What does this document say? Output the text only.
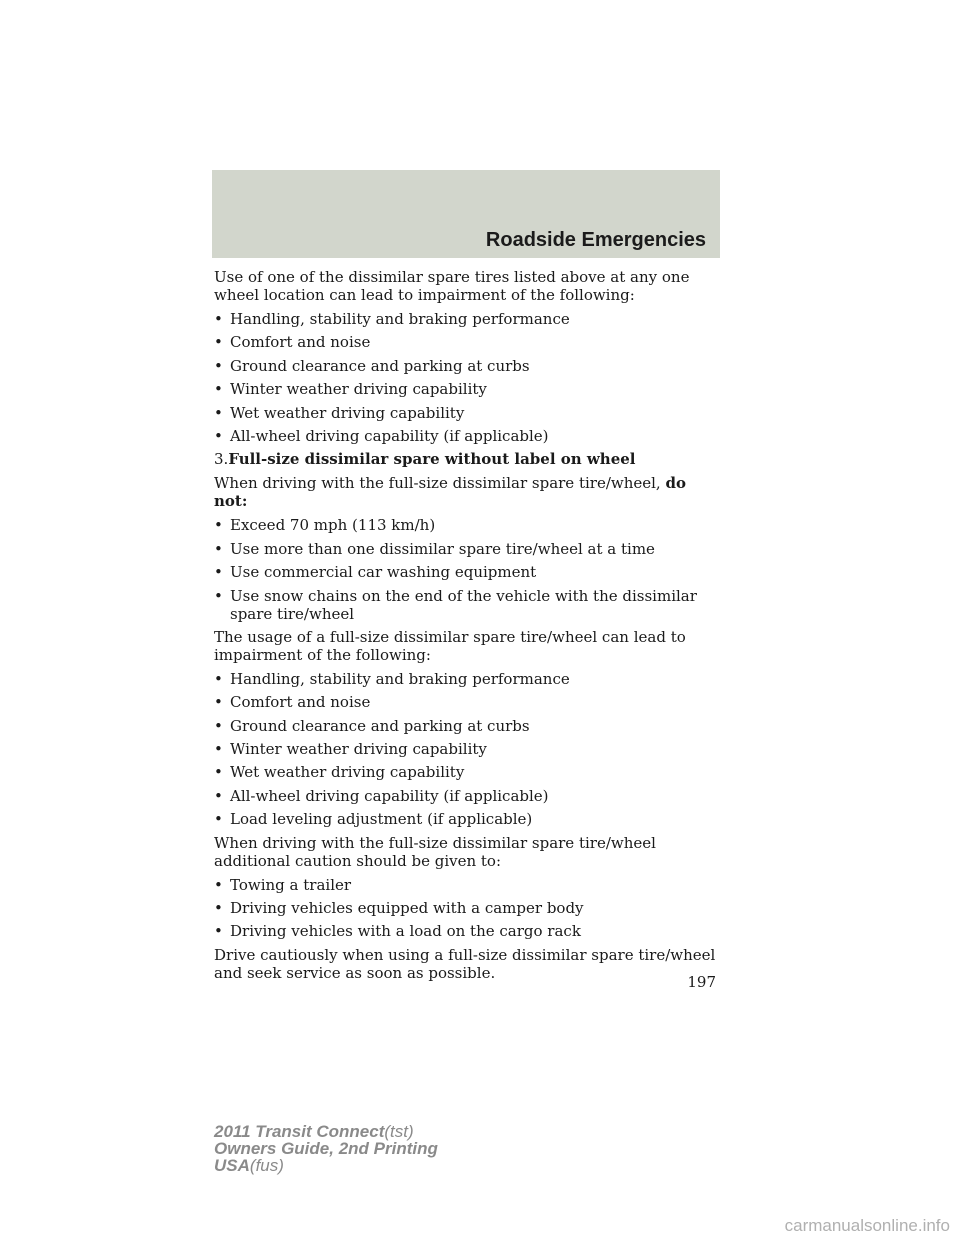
Roadside Emergencies

Use of one of the dissimilar spare tires listed above at any one wheel location can lead to impairment of the following:

• Handling, stability and braking performance
• Comfort and noise
• Ground clearance and parking at curbs
• Winter weather driving capability
• Wet weather driving capability
• All-wheel driving capability (if applicable)

3.Full-size dissimilar spare without label on wheel

When driving with the full-size dissimilar spare tire/wheel, do not:

• Exceed 70 mph (113 km/h)
• Use more than one dissimilar spare tire/wheel at a time
• Use commercial car washing equipment
• Use snow chains on the end of the vehicle with the dissimilar spare tire/wheel

The usage of a full-size dissimilar spare tire/wheel can lead to impairment of the following:

• Handling, stability and braking performance
• Comfort and noise
• Ground clearance and parking at curbs
• Winter weather driving capability
• Wet weather driving capability
• All-wheel driving capability (if applicable)
• Load leveling adjustment (if applicable)

When driving with the full-size dissimilar spare tire/wheel additional caution should be given to:

• Towing a trailer
• Driving vehicles equipped with a camper body
• Driving vehicles with a load on the cargo rack

Drive cautiously when using a full-size dissimilar spare tire/wheel and seek service as soon as possible.

197
2011 Transit Connect(tst)
Owners Guide, 2nd Printing
USA(fus)
carmanualsonline.info
